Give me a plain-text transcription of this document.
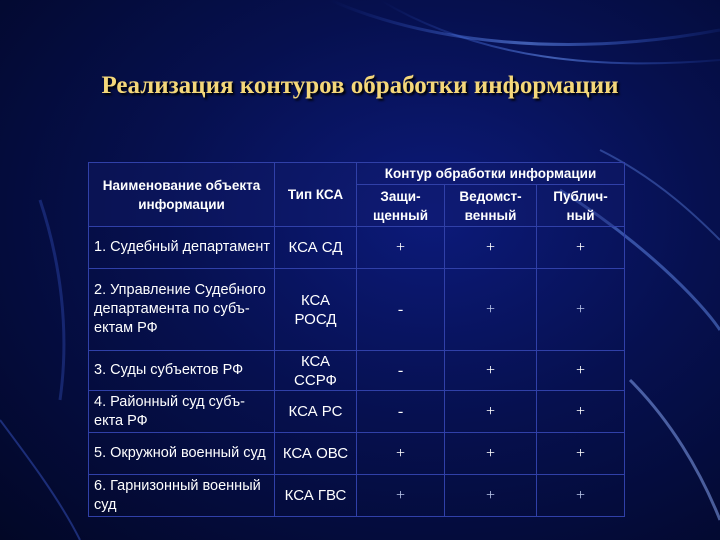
Реализация контуров обработки информации
Наименование объекта информации	Тип КСА	Контур обработки информации		
		Защи-щенный	Ведомст-венный	Публич-ный
1. Судебный департамент	КСА СД	+	+	+
2. Управление Судебного департамента по субъ-ектам РФ	КСА РОСД	-	+	+
3. Суды субъектов РФ	КСА ССРФ	-	+	+
4. Районный суд субъ-екта РФ	КСА РС	-	+	+
5. Окружной военный суд	КСА ОВС	+	+	+
6. Гарнизонный военный суд	КСА ГВС	+	+	+
